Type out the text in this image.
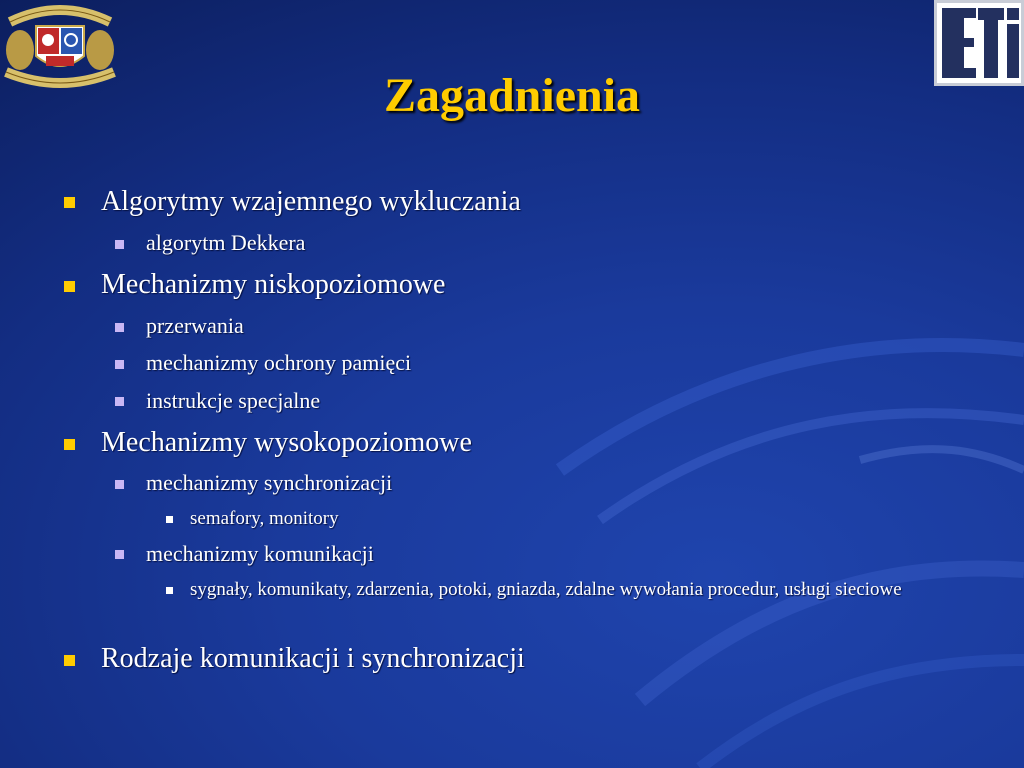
Zagadnienia
Algorytmy wzajemnego wykluczania
algorytm Dekkera
Mechanizmy niskopoziomowe
przerwania
mechanizmy ochrony pamięci
instrukcje specjalne
Mechanizmy wysokopoziomowe
mechanizmy synchronizacji
semafory, monitory
mechanizmy komunikacji
sygnały, komunikaty, zdarzenia, potoki, gniazda, zdalne wywołania procedur, usługi sieciowe
Rodzaje komunikacji i synchronizacji
